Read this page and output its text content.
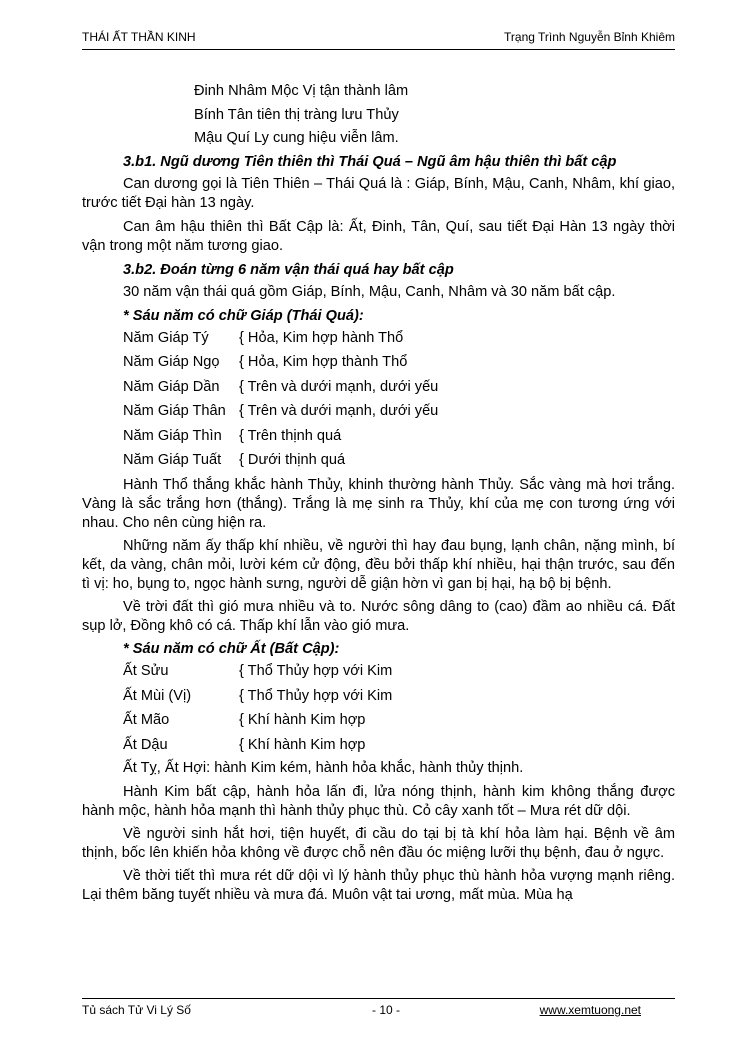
THÁI ẤT THẦN KINH	Trạng Trình Nguyễn Bỉnh Khiêm
Đinh Nhâm Mộc Vị tận thành lâm
Bính Tân tiên thị tràng lưu Thủy
Mậu Quí Ly cung hiệu viễn lâm.
3.b1. Ngũ dương Tiên thiên thì Thái Quá – Ngũ âm hậu thiên thì bất cập

Can dương gọi là Tiên Thiên – Thái Quá là : Giáp, Bính, Mậu, Canh, Nhâm, khí giao, trước tiết Đại hàn 13 ngày.

Can âm hậu thiên thì Bất Cập là: Ất, Đinh, Tân, Quí, sau tiết Đại Hàn 13 ngày thời vận trong một năm tương giao.

3.b2. Đoán từng 6 năm vận thái quá hay bất cập
30 năm vận thái quá gồm Giáp, Bính, Mậu, Canh, Nhâm và 30 năm bất cập.
* Sáu năm có chữ Giáp (Thái Quá):
Năm Giáp Tý	{ Hỏa, Kim hợp hành Thổ
Năm Giáp Ngọ	{ Hỏa, Kim hợp thành Thổ
Năm Giáp Dần	{ Trên và dưới mạnh, dưới yếu
Năm Giáp Thân { Trên và dưới mạnh, dưới yếu
Năm Giáp Thìn	{ Trên thịnh quá
Năm Giáp Tuất	{ Dưới thịnh quá

Hành Thổ thắng khắc hành Thủy, khinh thường hành Thủy. Sắc vàng mà hơi trắng. Vàng là sắc trắng hơn (thắng). Trắng là mẹ sinh ra Thủy, khí của mẹ con tương ứng với nhau. Cho nên cùng hiện ra.

Những năm ấy thấp khí nhiều, về người thì hay đau bụng, lạnh chân, nặng mình, bí kết, da vàng, chân mỏi, lười kém cử động, đều bởi thấp khí nhiều, hại thận trước, sau đến tì vị: ho, bụng to, ngọc hành sưng, người dễ giận hờn vì gan bị hại, hạ bộ bị bệnh.

Về trời đất thì gió mưa nhiều và to. Nước sông dâng to (cao) đầm ao nhiều cá. Đất sụp lở, Đồng khô có cá. Thấp khí lẫn vào gió mưa.

* Sáu năm có chữ Ất (Bất Cập):
Ất Sửu	{ Thổ Thủy hợp với Kim
Ất Mùi (Vị)	{ Thổ Thủy hợp với Kim
Ất Mão	{ Khí hành Kim hợp
Ất Dậu	{ Khí hành Kim hợp
Ất Tỵ, Ất Hợi: hành Kim kém, hành hỏa khắc, hành thủy thịnh.

Hành Kim bất cập, hành hỏa lấn đi, lửa nóng thịnh, hành kim không thắng được hành mộc, hành hỏa mạnh thì hành thủy phục thù. Cỏ cây xanh tốt – Mưa rét dữ dội.

Về người sinh hắt hơi, tiện huyết, đi cầu do tại bị tà khí hỏa làm hại. Bệnh về âm thịnh, bốc lên khiến hỏa không về được chỗ nên đầu óc miệng lưỡi thụ bệnh, đau ở ngực.

Về thời tiết thì mưa rét dữ dội vì lý hành thủy phục thù hành hỏa vượng mạnh riêng. Lại thêm băng tuyết nhiều và mưa đá. Muôn vật tai ương, mất mùa. Mùa hạ

Tủ sách Tử Vi Lý Số	- 10 -	www.xemtuong.net
